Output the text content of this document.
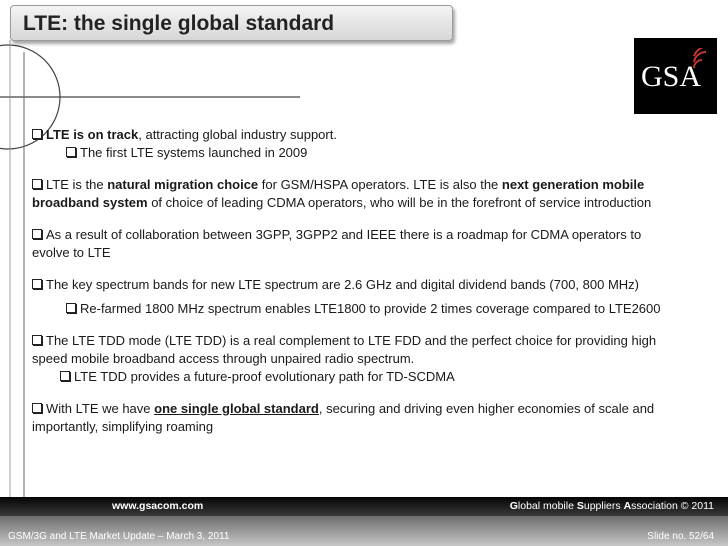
LTE: the single global standard
GSA

LTE is on track, attracting global industry support.

The first LTE systems launched in 2009

LTE is the natural migration choice for GSM/HSPA operators. LTE is also the next generation mobile
broadband system of choice of leading CDMA operators, who will be in the forefront of service introduction

As a result of collaboration between 3GPP, 3GPP2 and IEEE there is a roadmap for CDMA operators to
evolve to LTE

The key spectrum bands for new LTE spectrum are 2.6 GHz and digital dividend bands (700, 800 MHz)

Re-farmed 1800 MHz spectrum enables LTE1800 to provide 2 times coverage compared to LTE2600

The LTE TDD mode (LTE TDD) is a real complement to LTE FDD and the perfect choice for providing high
speed mobile broadband access through unpaired radio spectrum.

LTE TDD provides a future-proof evolutionary path for TD-SCDMA

With LTE we have one single global standard, securing and driving even higher economies of scale and
importantly, simplifying roaming

www.gsacom.com	Global mobile Suppliers Association © 2011
GSM/3G and LTE Market Update – March 3, 2011	Slide no. 52/64
